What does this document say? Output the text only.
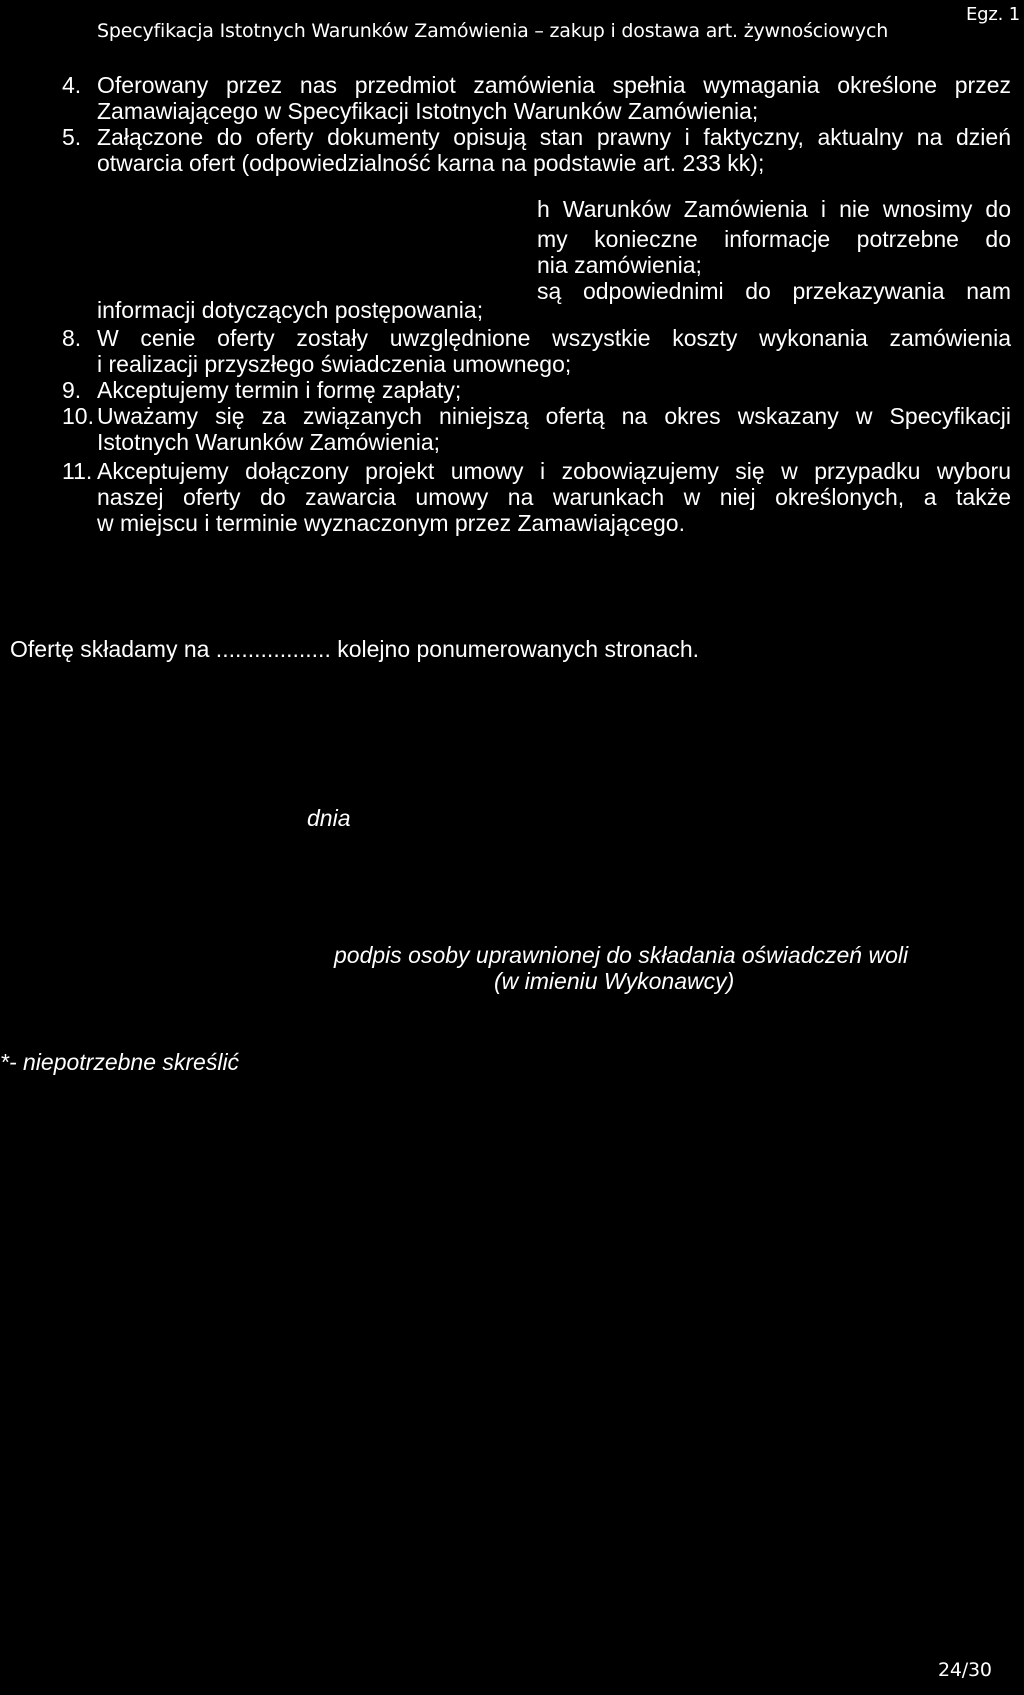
Specyfikacja Istotnych Warunków Zamówienia – zakup i dostawa art. żywnościowych
Egz. 1
4. Oferowany przez nas przedmiot zamówienia spełnia wymagania określone przez
Zamawiającego w Specyfikacji Istotnych Warunków Zamówienia;
5. Załączone do oferty dokumenty opisują stan prawny i faktyczny, aktualny na dzień
otwarcia ofert (odpowiedzialność karna na podstawie art. 233 kk);
h Warunków Zamówienia i nie wnosimy do
my konieczne informacje potrzebne do
nia zamówienia;
są odpowiednimi do przekazywania nam
informacji dotyczących postępowania;
8. W cenie oferty zostały uwzględnione wszystkie koszty wykonania zamówienia
i realizacji przyszłego świadczenia umownego;
9. Akceptujemy termin i formę zapłaty;
10. Uważamy się za związanych niniejszą ofertą na okres wskazany w Specyfikacji
Istotnych Warunków Zamówienia;
11. Akceptujemy dołączony projekt umowy i zobowiązujemy się w przypadku wyboru
naszej oferty do zawarcia umowy na warunkach w niej określonych, a także
w miejscu i terminie wyznaczonym przez Zamawiającego.
Ofertę składamy na .................. kolejno ponumerowanych stronach.
dnia
podpis osoby uprawnionej do składania oświadczeń woli
(w imieniu Wykonawcy)
*- niepotrzebne skreślić
24/30
